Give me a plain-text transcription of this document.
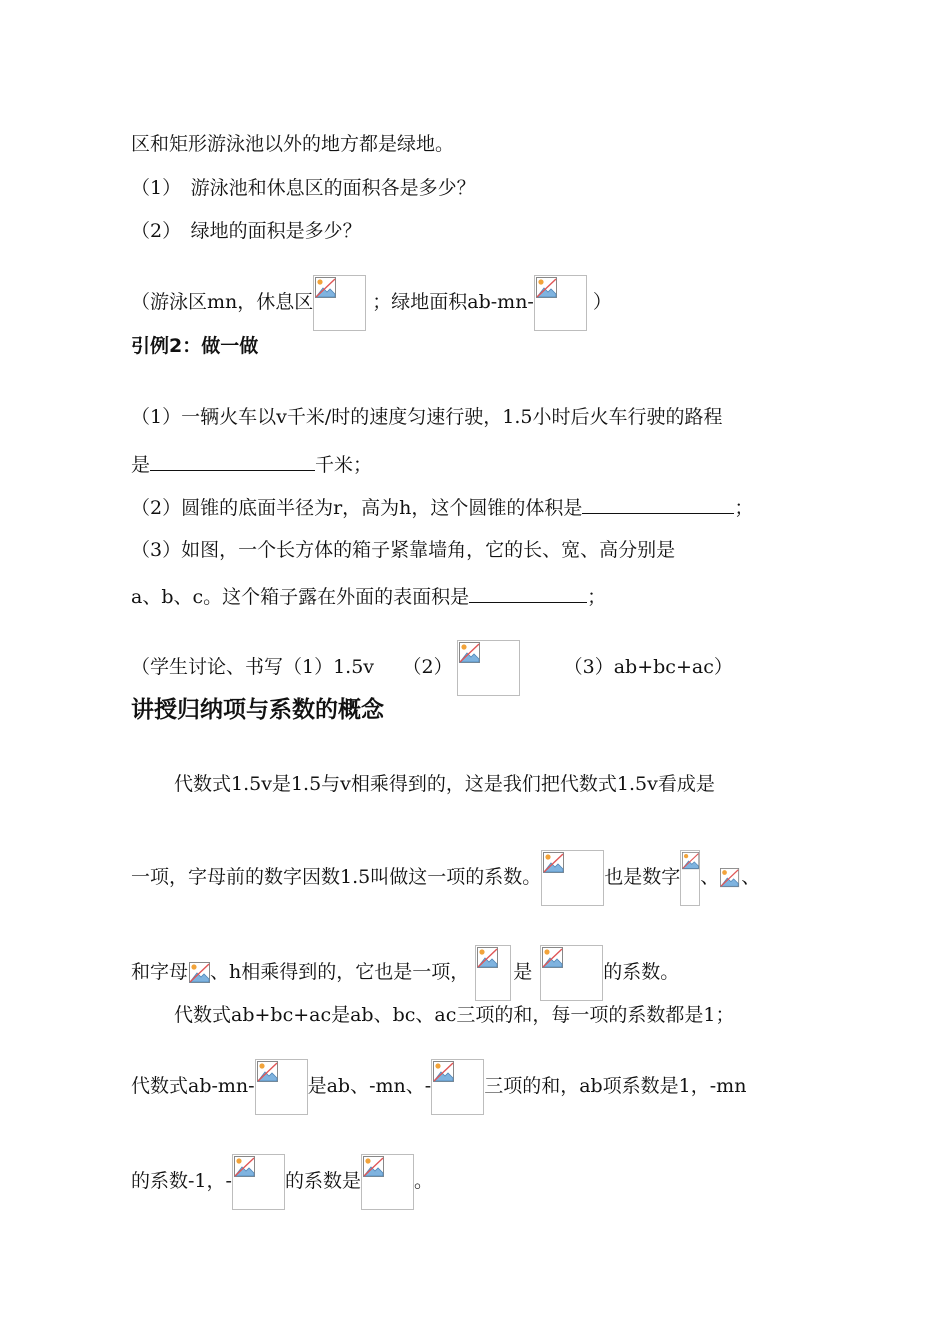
区和矩形游泳池以外的地方都是绿地。
（1）　游泳池和休息区的面积各是多少？
（2）　绿地的面积是多少？
（游泳区mn，休息区	；绿地面积ab-mn-	）
引例2：做一做
（1）一辆火车以v千米/时的速度匀速行驶，1.5小时后火车行驶的路程
是	千米；
（2）圆锥的底面半径为r，高为h，这个圆锥的体积是	；
（3）如图，一个长方体的箱子紧靠墙角，它的长、宽、高分别是
a、b、c。这个箱子露在外面的表面积是	；
（学生讨论、书写（1）1.5v　　（2）	（3）ab+bc+ac）
讲授归纳项与系数的概念
代数式1.5v是1.5与v相乘得到的，这是我们把代数式1.5v看成是
一项，字母前的数字因数1.5叫做这一项的系数。	也是数字 、 、
和字母 、h相乘得到的，它也是一项， 是	的系数。
代数式ab+bc+ac是ab、bc、ac三项的和，每一项的系数都是1；
代数式ab-mn-	是ab、-mn、-	三项的和，ab项系数是1，-mn
的系数-1，-	的系数是	。
